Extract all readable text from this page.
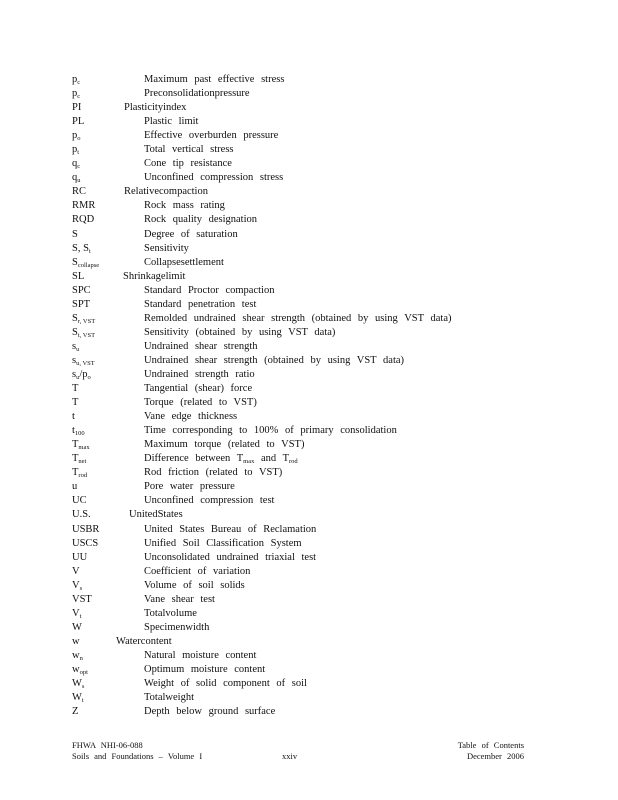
$p_c$	Maximum past effective stress
$p_c$	Preconsolidationpressure
PI	Plasticityindex
PL	Plastic limit
$p_o$	Effective overburden pressure
$p_t$	Total vertical stress
$q_c$	Cone tip resistance
$q_u$	Unconfined compression stress
RC	Relativecompaction
RMR	Rock mass rating
RQD	Rock quality designation
S	Degree of saturation
S, $S_t$	Sensitivity
$S_{collapse}$	Collapsesettlement
SL	Shrinkagelimit
SPC	Standard Proctor compaction
SPT	Standard penetration test
$S_{r, VST}$	Remolded undrained shear strength (obtained by using VST data)
$S_{t, VST}$	Sensitivity (obtained by using VST data)
$s_u$	Undrained shear strength
$s_{u, VST}$	Undrained shear strength (obtained by using VST data)
$s_u/p_o$	Undrained strength ratio
T	Tangential (shear) force
T	Torque (related to VST)
t	Vane edge thickness
$t_{100}$	Time corresponding to 100% of primary consolidation
$T_{max}$	Maximum torque (related to VST)
$T_{net}$	Difference between $T_{max}$ and $T_{rod}$
$T_{rod}$	Rod friction (related to VST)
u	Pore water pressure
UC	Unconfined compression test
U.S.	UnitedStates
USBR	United States Bureau of Reclamation
USCS	Unified Soil Classification System
UU	Unconsolidated undrained triaxial test
V	Coefficient of variation
$V_s$	Volume of soil solids
VST	Vane shear test
$V_t$	Totalvolume
W	Specimenwidth
w	Watercontent
$w_n$	Natural moisture content
$w_{opt}$	Optimum moisture content
$W_s$	Weight of solid component of soil
$W_t$	Totalweight
Z	Depth below ground surface
FHWA NHI-06-088	Table of Contents
Soils and Foundations – Volume I	xxiv	December 2006
